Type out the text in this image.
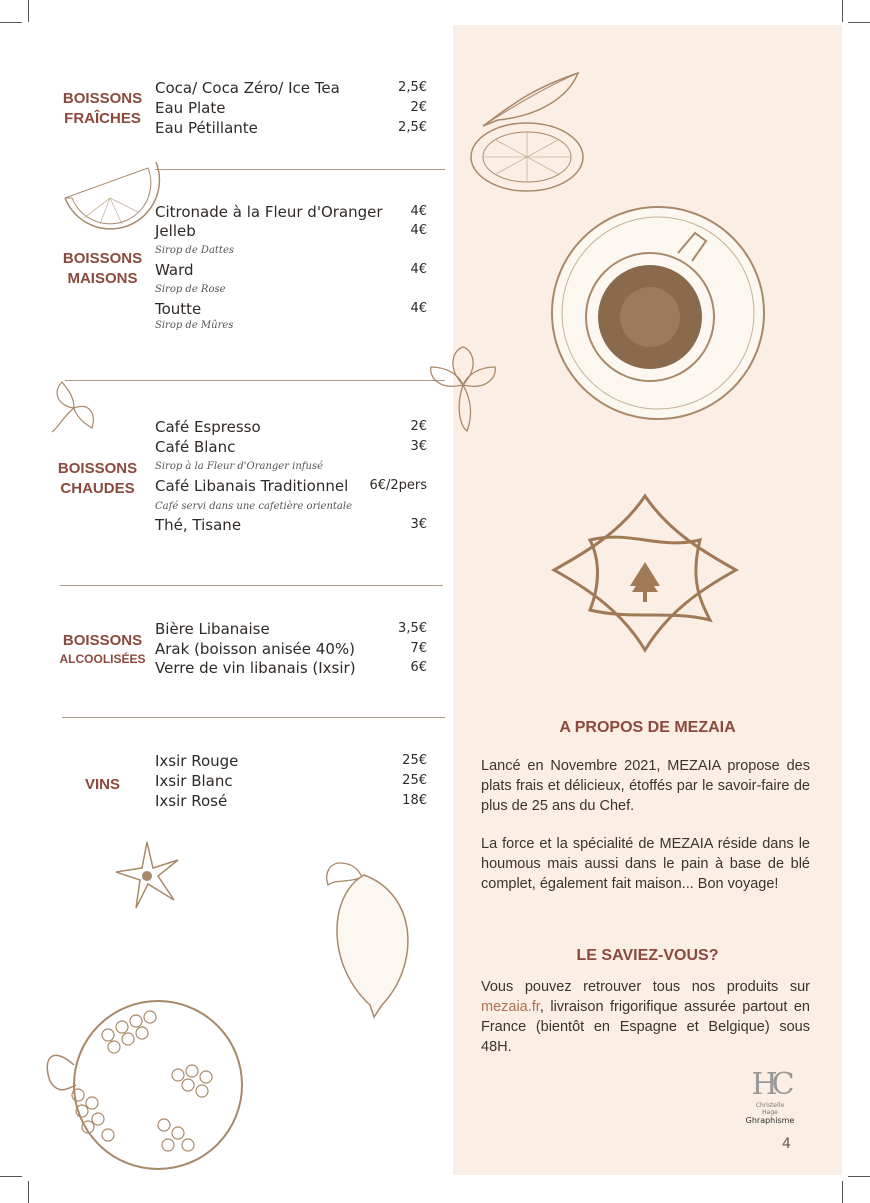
BOISSONS
FRAÎCHES
Coca/ Coca Zéro/ Ice Tea	2,5€
Eau Plate	2€
Eau Pétillante	2,5€
BOISSONS
MAISONS
Citronade à la Fleur d'Oranger 4€
Jelleb	4€
Sirop de Dattes
Ward	4€
Sirop de Rose
Toutte	4€
Sirop de Mûres
BOISSONS
CHAUDES
Café Espresso	2€
Café Blanc	3€
Sirop à la Fleur d'Oranger infusé
Café Libanais Traditionnel 6€/2pers
Café servi dans une cafetière orientale
Thé, Tisane	3€
BOISSONS
ALCOOLISÉES
Bière Libanaise	3,5€
Arak (boisson anisée 40%)	7€
Verre de vin libanais (Ixsir)	6€
VINS
Ixsir Rouge	25€
Ixsir Blanc	25€
Ixsir Rosé	18€
A PROPOS DE MEZAIA

Lancé en Novembre 2021, MEZAIA propose des plats frais et délicieux, étoffés par le savoir-faire de plus de 25 ans du Chef.

La force et la spécialité de MEZAIA réside dans le houmous mais aussi dans le pain à base de blé complet, également fait maison... Bon voyage!

LE SAVIEZ-VOUS?

Vous pouvez retrouver tous nos produits sur mezaia.fr, livraison frigorifique assurée partout en France (bientôt en Espagne et Belgique) sous 48H.

HC
Christelle
Hage
Ghraphisme
4
